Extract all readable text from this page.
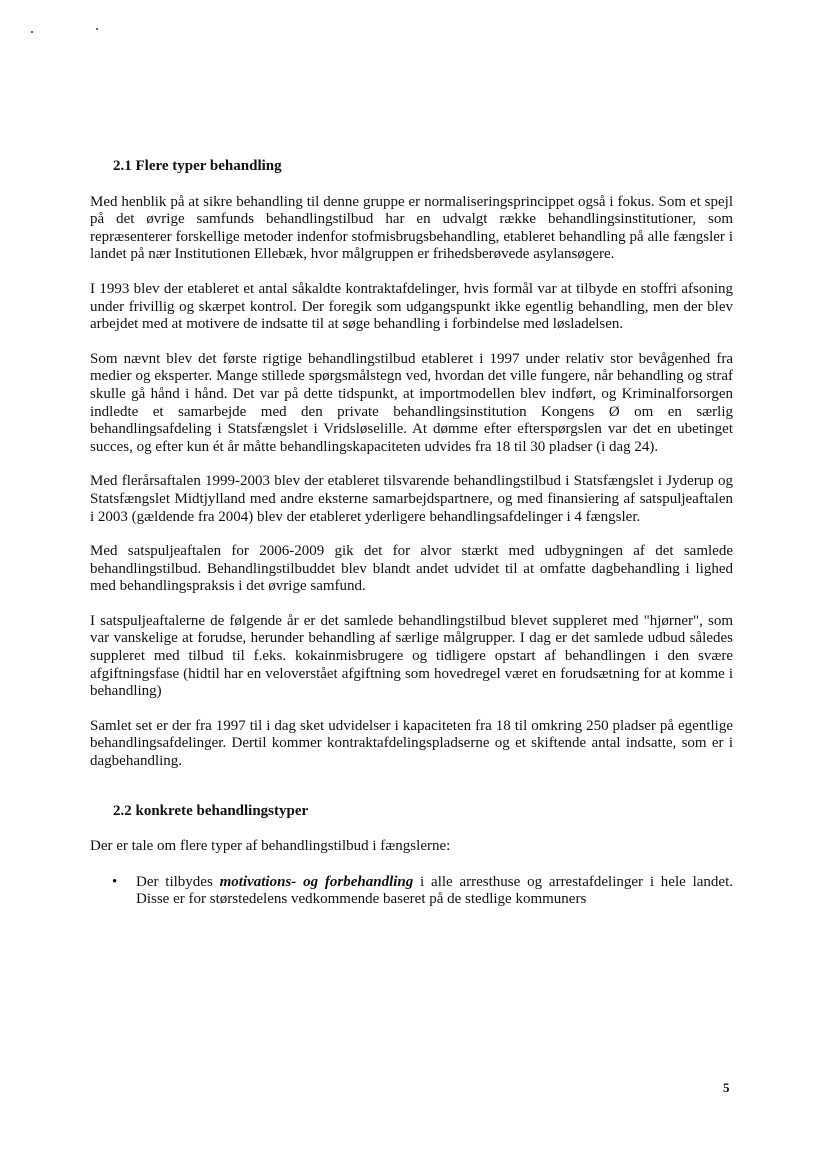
2.1 Flere typer behandling

Med henblik på at sikre behandling til denne gruppe er normaliseringsprincippet også i fokus. Som et spejl på det øvrige samfunds behandlingstilbud har en udvalgt række behandlingsinstitutioner, som repræsenterer forskellige metoder indenfor stofmisbrugsbehandling, etableret behandling på alle fængsler i landet på nær Institutionen Ellebæk, hvor målgruppen er frihedsberøvede asylansøgere.

I 1993 blev der etableret et antal såkaldte kontraktafdelinger, hvis formål var at tilbyde en stoffri afsoning under frivillig og skærpet kontrol. Der foregik som udgangspunkt ikke egentlig behandling, men der blev arbejdet med at motivere de indsatte til at søge behandling i forbindelse med løsladelsen.

Som nævnt blev det første rigtige behandlingstilbud etableret i 1997 under relativ stor bevågenhed fra medier og eksperter. Mange stillede spørgsmålstegn ved, hvordan det ville fungere, når behandling og straf skulle gå hånd i hånd. Det var på dette tidspunkt, at importmodellen blev indført, og Kriminalforsorgen indledte et samarbejde med den private behandlingsinstitution Kongens Ø om en særlig behandlingsafdeling i Statsfængslet i Vridsløselille. At dømme efter efterspørgslen var det en ubetinget succes, og efter kun ét år måtte behandlingskapaciteten udvides fra 18 til 30 pladser (i dag 24).

Med flerårsaftalen 1999-2003 blev der etableret tilsvarende behandlingstilbud i Statsfængslet i Jyderup og Statsfængslet Midtjylland med andre eksterne samarbejdspartnere, og med finansiering af satspuljeaftalen i 2003 (gældende fra 2004) blev der etableret yderligere behandlingsafdelinger i 4 fængsler.

Med satspuljeaftalen for 2006-2009 gik det for alvor stærkt med udbygningen af det samlede behandlingstilbud. Behandlingstilbuddet blev blandt andet udvidet til at omfatte dagbehandling i lighed med behandlingspraksis i det øvrige samfund.

I satspuljeaftalerne de følgende år er det samlede behandlingstilbud blevet suppleret med "hjørner", som var vanskelige at forudse, herunder behandling af særlige målgrupper. I dag er det samlede udbud således suppleret med tilbud til f.eks. kokainmisbrugere og tidligere opstart af behandlingen i den svære afgiftningsfase (hidtil har en veloverstået afgiftning som hovedregel været en forudsætning for at komme i behandling)

Samlet set er der fra 1997 til i dag sket udvidelser i kapaciteten fra 18 til omkring 250 pladser på egentlige behandlingsafdelinger. Dertil kommer kontraktafdelingspladserne og et skiftende antal indsatte, som er i dagbehandling.

2.2 konkrete behandlingstyper

Der er tale om flere typer af behandlingstilbud i fængslerne:

• Der tilbydes motivations- og forbehandling i alle arresthuse og arrestafdelinger i hele landet. Disse er for størstedelens vedkommende baseret på de stedlige kommuners
5
